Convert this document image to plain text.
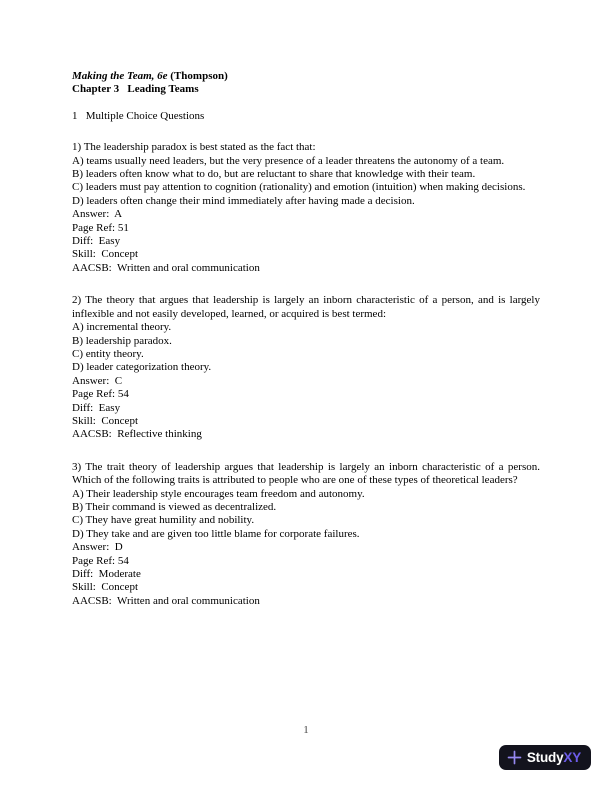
Making the Team, 6e (Thompson)
Chapter 3   Leading Teams
1   Multiple Choice Questions
1) The leadership paradox is best stated as the fact that:
A) teams usually need leaders, but the very presence of a leader threatens the autonomy of a team.
B) leaders often know what to do, but are reluctant to share that knowledge with their team.
C) leaders must pay attention to cognition (rationality) and emotion (intuition) when making decisions.
D) leaders often change their mind immediately after having made a decision.
Answer:  A
Page Ref: 51
Diff:  Easy
Skill:  Concept
AACSB:  Written and oral communication
2) The theory that argues that leadership is largely an inborn characteristic of a person, and is largely inflexible and not easily developed, learned, or acquired is best termed:
A) incremental theory.
B) leadership paradox.
C) entity theory.
D) leader categorization theory.
Answer:  C
Page Ref: 54
Diff:  Easy
Skill:  Concept
AACSB:  Reflective thinking
3) The trait theory of leadership argues that leadership is largely an inborn characteristic of a person. Which of the following traits is attributed to people who are one of these types of theoretical leaders?
A) Their leadership style encourages team freedom and autonomy.
B) Their command is viewed as decentralized.
C) They have great humility and nobility.
D) They take and are given too little blame for corporate failures.
Answer:  D
Page Ref: 54
Diff:  Moderate
Skill:  Concept
AACSB:  Written and oral communication
1
StudyXY
